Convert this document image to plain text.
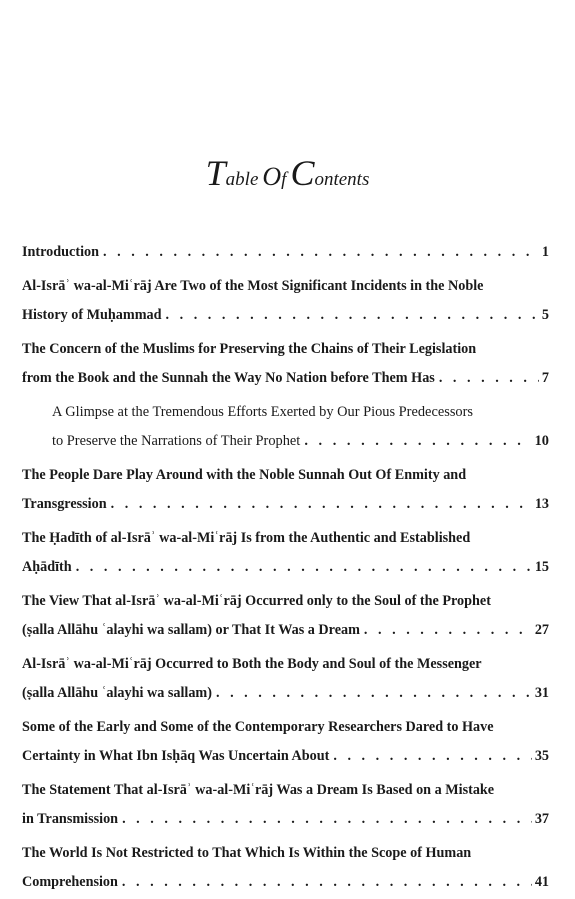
Table Of Contents
Introduction . . .	1
Al-Isrāʾ wa-al-Miʿrāj Are Two of the Most Significant Incidents in the Noble
History of Muḥammad . . .	5
The Concern of the Muslims for Preserving the Chains of Their Legislation
from the Book and the Sunnah the Way No Nation before Them Has . . .	7
A Glimpse at the Tremendous Efforts Exerted by Our Pious Predecessors
to Preserve the Narrations of Their Prophet . . .	10
The People Dare Play Around with the Noble Sunnah Out Of Enmity and
Transgression . . .	13
The Ḥadīth of al-Isrāʾ wa-al-Miʿrāj Is from the Authentic and Established
Aḥādīth . . .	15
The View That al-Isrāʾ wa-al-Miʿrāj Occurred only to the Soul of the Prophet
(ṣalla Allāhu ʿalayhi wa sallam) or That It Was a Dream . . .	27
Al-Isrāʾ wa-al-Miʿrāj Occurred to Both the Body and Soul of the Messenger
(ṣalla Allāhu ʿalayhi wa sallam) . . .	31
Some of the Early and Some of the Contemporary Researchers Dared to Have
Certainty in What Ibn Isḥāq Was Uncertain About . . .	35
The Statement That al-Isrāʾ wa-al-Miʿrāj Was a Dream Is Based on a Mistake
in Transmission . . .	37
The World Is Not Restricted to That Which Is Within the Scope of Human
Comprehension . . .	41
